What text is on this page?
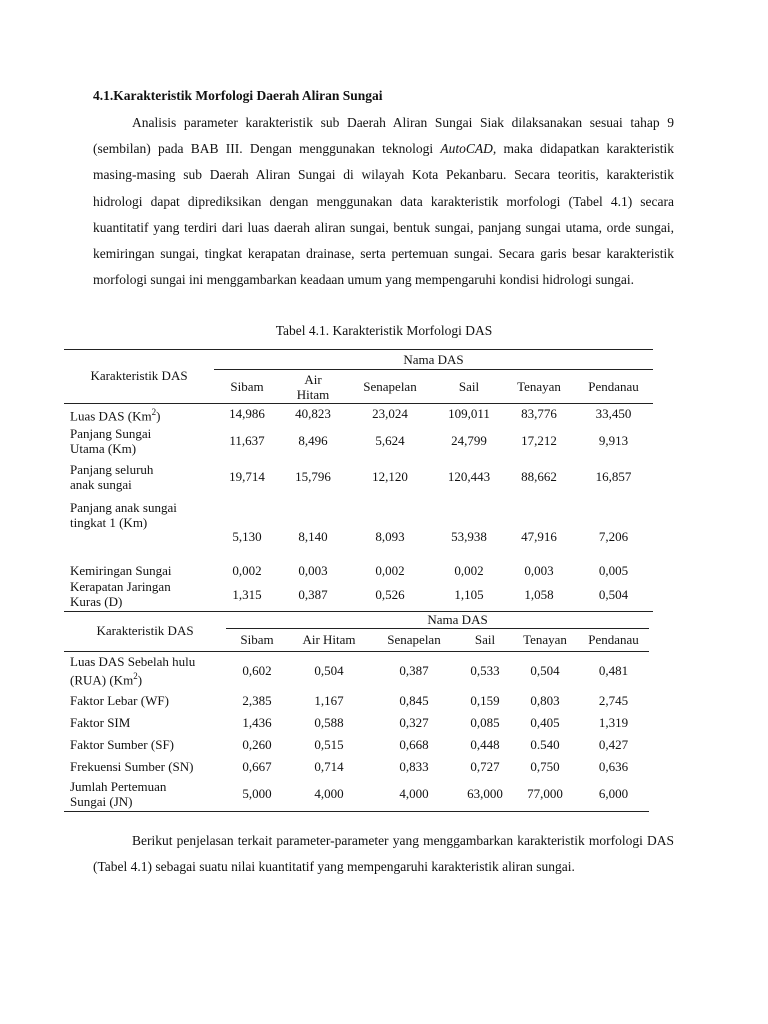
4.1.Karakteristik Morfologi Daerah Aliran Sungai

Analisis parameter karakteristik sub Daerah Aliran Sungai Siak dilaksanakan sesuai tahap 9 (sembilan) pada BAB III. Dengan menggunakan teknologi AutoCAD, maka didapatkan karakteristik masing-masing sub Daerah Aliran Sungai di wilayah Kota Pekanbaru. Secara teoritis, karakteristik hidrologi dapat diprediksikan dengan menggunakan data karakteristik morfologi (Tabel 4.1) secara kuantitatif yang terdiri dari luas daerah aliran sungai, bentuk sungai, panjang sungai utama, orde sungai, kemiringan sungai, tingkat kerapatan drainase, serta pertemuan sungai. Secara garis besar karakteristik morfologi sungai ini menggambarkan keadaan umum yang mempengaruhi kondisi hidrologi sungai.

Tabel 4.1. Karakteristik Morfologi DAS
Karakteristik DAS	Nama DAS					
	Sibam	Air Hitam	Senapelan	Sail	Tenayan	Pendanau
Luas DAS (Km$^2$)	14,986	40,823	23,024	109,011	83,776	33,450
Panjang Sungai Utama (Km)	11,637	8,496	5,624	24,799	17,212	9,913
Panjang seluruh anak sungai	19,714	15,796	12,120	120,443	88,662	16,857
Panjang anak sungai tingkat 1 (Km)	5,130	8,140	8,093	53,938	47,916	7,206
Kemiringan Sungai	0,002	0,003	0,002	0,002	0,003	0,005
Kerapatan Jaringan Kuras (D)	1,315	0,387	0,526	1,105	1,058	0,504
Karakteristik DAS	Nama DAS					
	Sibam	Air Hitam	Senapelan	Sail	Tenayan	Pendanau
Luas DAS Sebelah hulu (RUA) (Km$^2$)	0,602	0,504	0,387	0,533	0,504	0,481
Faktor Lebar (WF)	2,385	1,167	0,845	0,159	0,803	2,745
Faktor SIM	1,436	0,588	0,327	0,085	0,405	1,319
Faktor Sumber (SF)	0,260	0,515	0,668	0,448	0.540	0,427
Frekuensi Sumber (SN)	0,667	0,714	0,833	0,727	0,750	0,636
Jumlah Pertemuan Sungai (JN)	5,000	4,000	4,000	63,000	77,000	6,000

Berikut penjelasan terkait parameter-parameter yang menggambarkan karakteristik morfologi DAS (Tabel 4.1) sebagai suatu nilai kuantitatif yang mempengaruhi karakteristik aliran sungai.
